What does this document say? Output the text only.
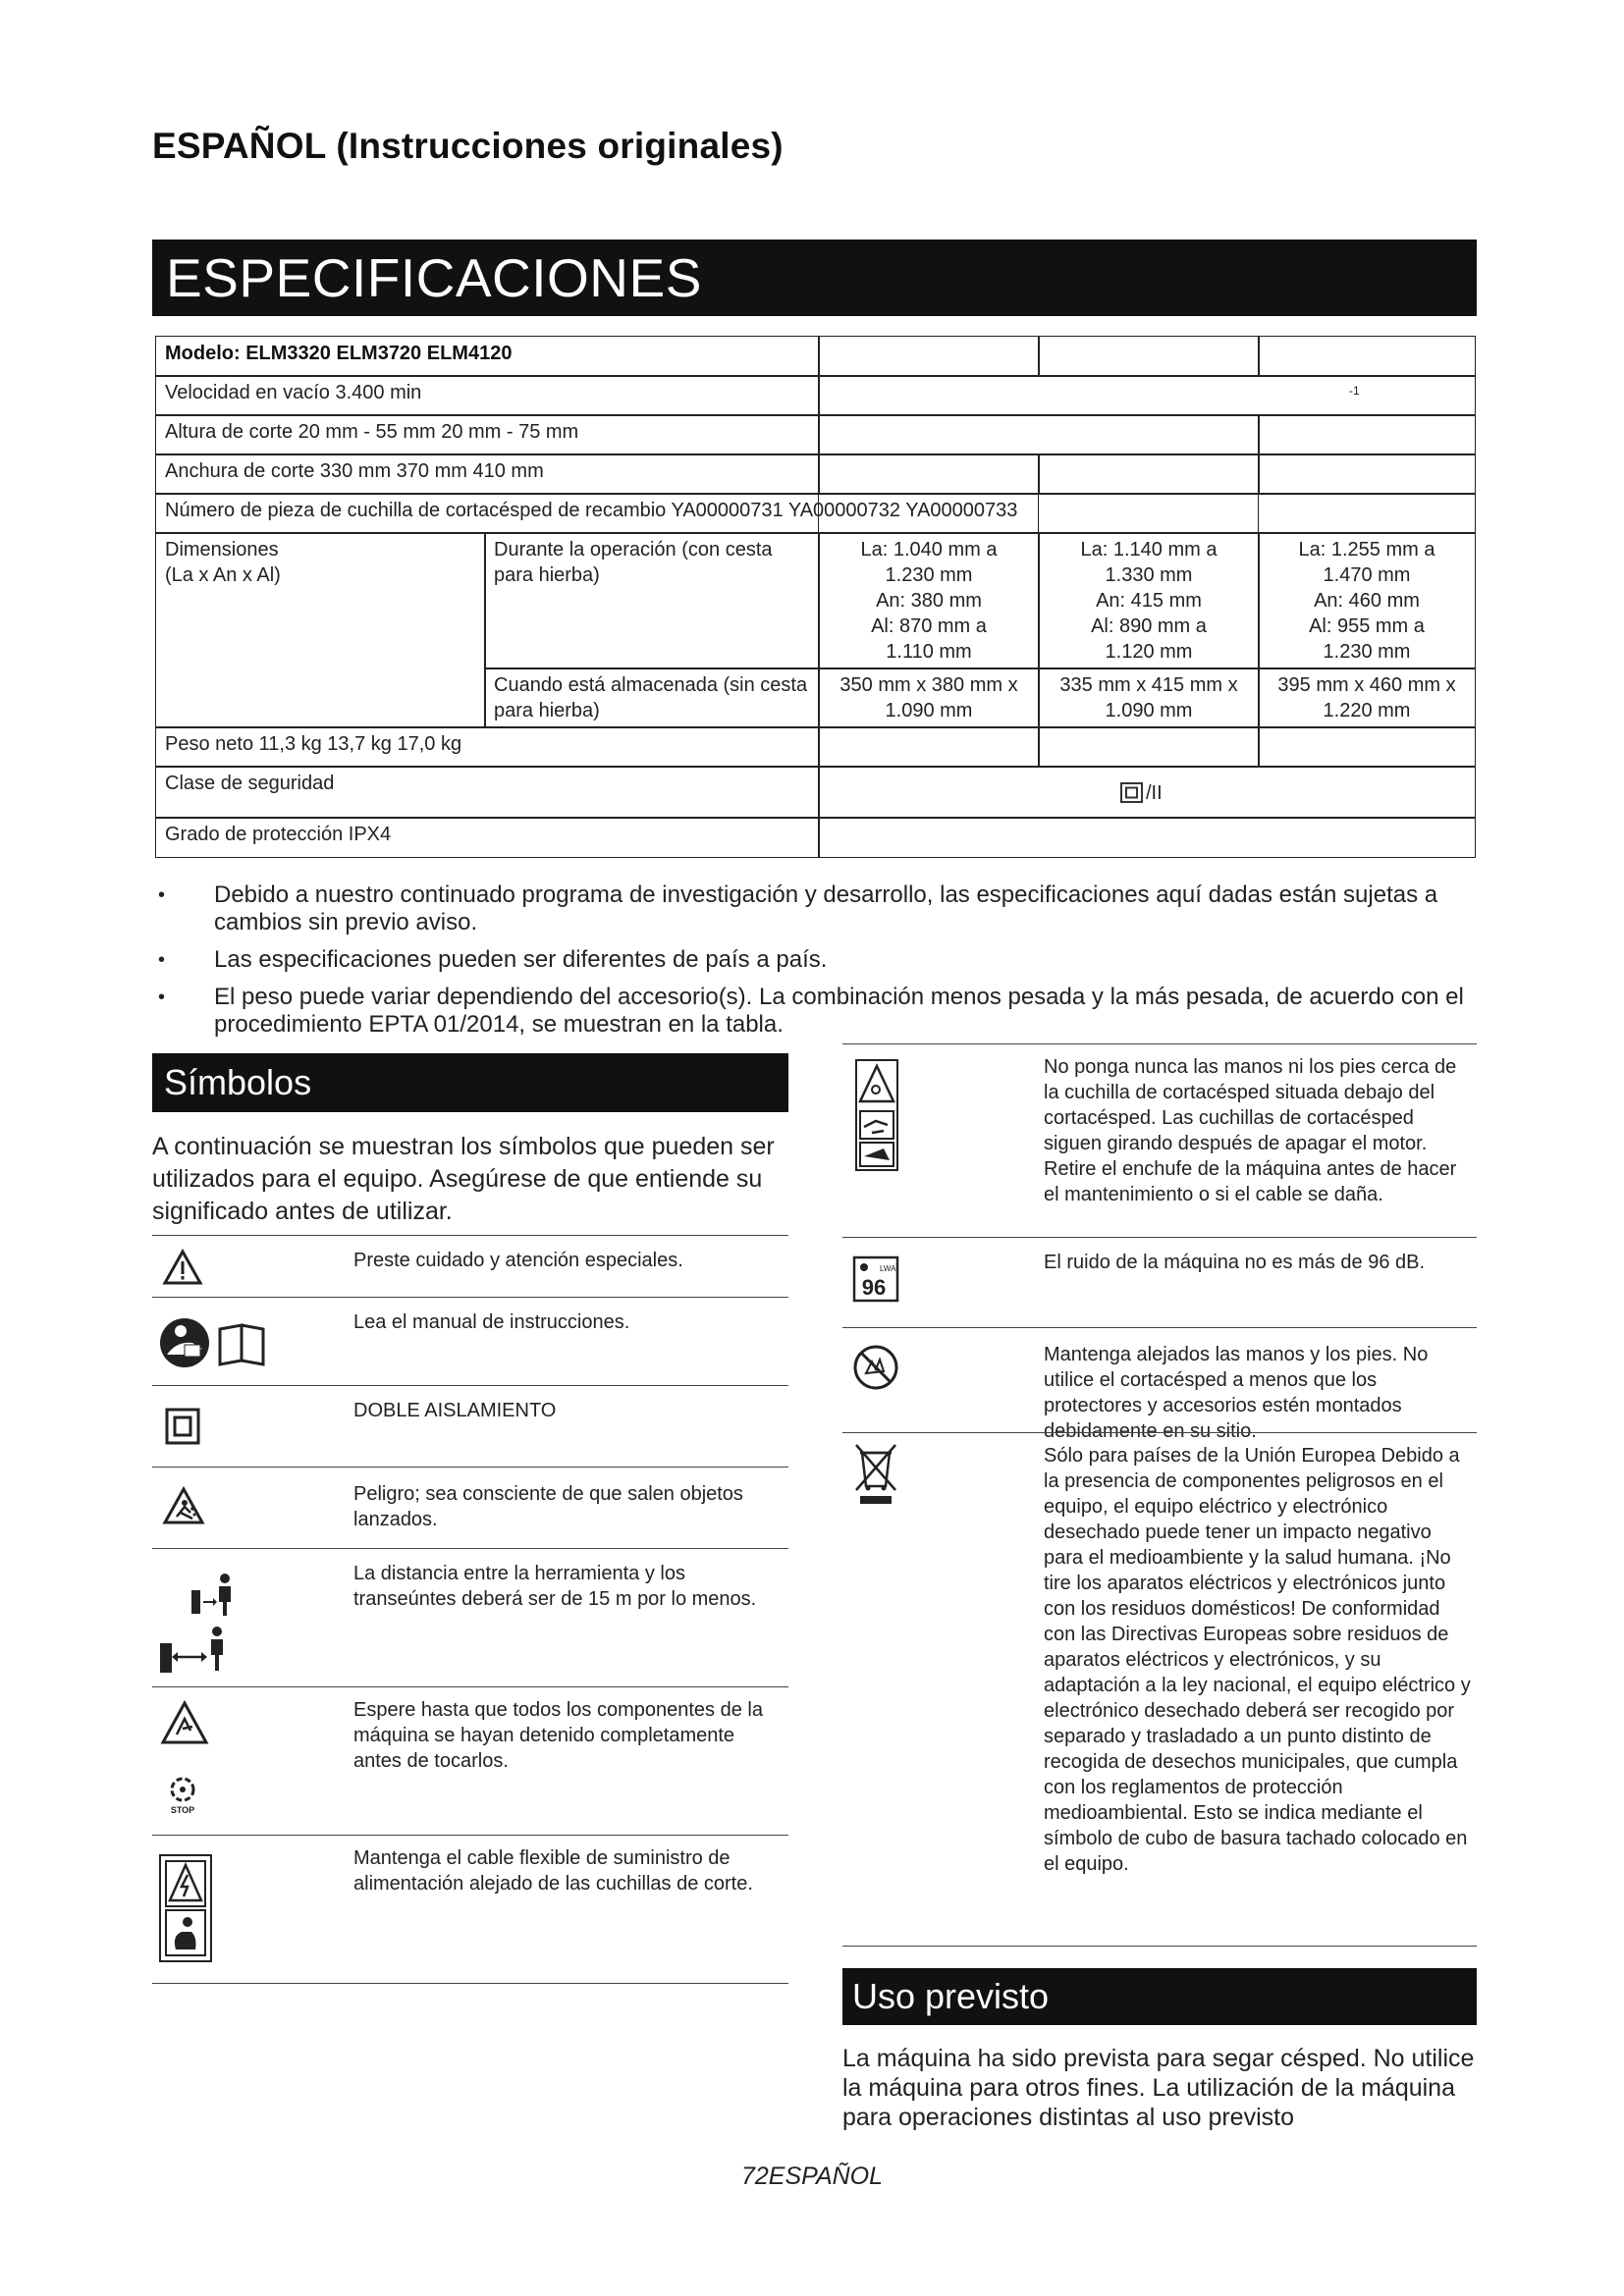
ESPAÑOL (Instrucciones originales)
ESPECIFICACIONES
Modelo: ELM3320 ELM3720 ELM4120
Velocidad en vacío 3.400 min	-1
Altura de corte 20 mm - 55 mm 20 mm - 75 mm
Anchura de corte 330 mm 370 mm 410 mm
Número de pieza de cuchilla de cortacésped de recambio YA00000731 YA00000732 YA00000733
Dimensiones
(La x An x Al)
Durante la operación (con cesta para hierba)
La: 1.040 mm a
1.230 mm
An: 380 mm
Al: 870 mm a
1.110 mm
La: 1.140 mm a
1.330 mm
An: 415 mm
Al: 890 mm a
1.120 mm
La: 1.255 mm a
1.470 mm
An: 460 mm
Al: 955 mm a
1.230 mm
Cuando está almacenada (sin cesta para hierba)
350 mm x 380 mm x
1.090 mm
335 mm x 415 mm x
1.090 mm
395 mm x 460 mm x
1.220 mm
Peso neto 11,3 kg 13,7 kg 17,0 kg
Clase de seguridad	/II
Grado de protección IPX4
• Debido a nuestro continuado programa de investigación y desarrollo, las especificaciones aquí dadas están sujetas a cambios sin previo aviso.
• Las especificaciones pueden ser diferentes de país a país.
• El peso puede variar dependiendo del accesorio(s). La combinación menos pesada y la más pesada, de acuerdo con el procedimiento EPTA 01/2014, se muestran en la tabla.
Símbolos
A continuación se muestran los símbolos que pueden ser utilizados para el equipo. Asegúrese de que entiende su significado antes de utilizar.
Preste cuidado y atención especiales.
Lea el manual de instrucciones.
DOBLE AISLAMIENTO
Peligro; sea consciente de que salen objetos lanzados.
La distancia entre la herramienta y los transeúntes deberá ser de 15 m por lo menos.
STOP
Espere hasta que todos los componentes de la máquina se hayan detenido completamente antes de tocarlos.
Mantenga el cable flexible de suministro de alimentación alejado de las cuchillas de corte.
No ponga nunca las manos ni los pies cerca de la cuchilla de cortacésped situada debajo del cortacésped. Las cuchillas de cortacésped siguen girando después de apagar el motor. Retire el enchufe de la máquina antes de hacer el mantenimiento o si el cable se daña.
LWA
96
El ruido de la máquina no es más de 96 dB.
Mantenga alejados las manos y los pies. No utilice el cortacésped a menos que los protectores y accesorios estén montados debidamente en su sitio.
Sólo para países de la Unión Europea Debido a la presencia de componentes peligrosos en el equipo, el equipo eléctrico y electrónico desechado puede tener un impacto negativo para el medioambiente y la salud humana. ¡No tire los aparatos eléctricos y electrónicos junto con los residuos domésticos! De conformidad con las Directivas Europeas sobre residuos de aparatos eléctricos y electrónicos, y su adaptación a la ley nacional, el equipo eléctrico y electrónico desechado deberá ser recogido por separado y trasladado a un punto distinto de recogida de desechos municipales, que cumpla con los reglamentos de protección medioambiental. Esto se indica mediante el símbolo de cubo de basura tachado colocado en el equipo.
Uso previsto
La máquina ha sido prevista para segar césped. No utilice la máquina para otros fines. La utilización de la máquina para operaciones distintas al uso previsto
72ESPAÑOL
